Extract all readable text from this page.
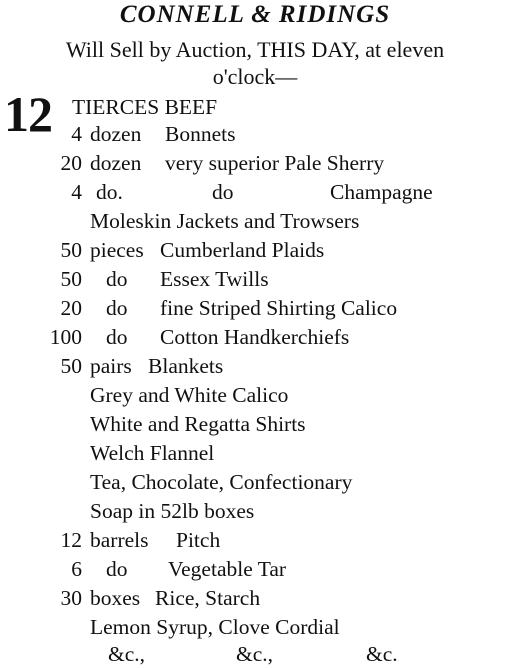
CONNELL & RIDINGS
Will Sell by Auction, THIS DAY, at eleven
o'clock—
12 TIERCES BEEF
4 dozen Bonnets
20 dozen very superior Pale Sherry
4 do.	do	Champagne
Moleskin Jackets and Trowsers
50 pieces Cumberland Plaids
50 do Essex Twills
20 do fine Striped Shirting Calico
100 do Cotton Handkerchiefs
50 pairs Blankets
Grey and White Calico
White and Regatta Shirts
Welch Flannel
Tea, Chocolate, Confectionary
Soap in 52lb boxes
12 barrels Pitch
6 do Vegetable Tar
30 boxes Rice, Starch
Lemon Syrup, Clove Cordial
&c.,	&c.,	&c.
